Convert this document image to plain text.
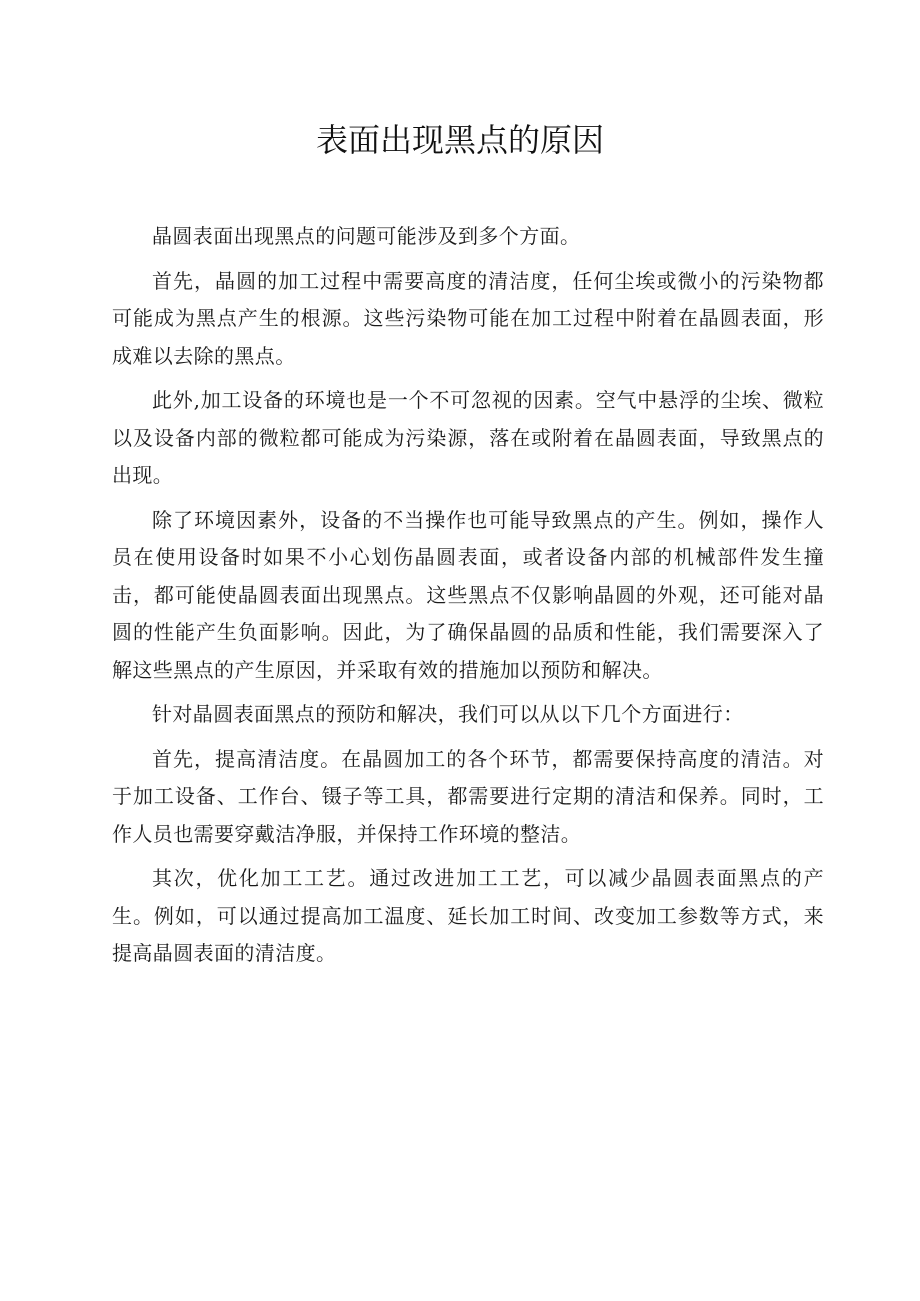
表面出现黑点的原因

晶圆表面出现黑点的问题可能涉及到多个方面。

首先，晶圆的加工过程中需要高度的清洁度，任何尘埃或微小的污染物都可能成为黑点产生的根源。这些污染物可能在加工过程中附着在晶圆表面，形成难以去除的黑点。

此外,加工设备的环境也是一个不可忽视的因素。空气中悬浮的尘埃、微粒以及设备内部的微粒都可能成为污染源，落在或附着在晶圆表面，导致黑点的出现。

除了环境因素外，设备的不当操作也可能导致黑点的产生。例如，操作人员在使用设备时如果不小心划伤晶圆表面，或者设备内部的机械部件发生撞击，都可能使晶圆表面出现黑点。这些黑点不仅影响晶圆的外观，还可能对晶圆的性能产生负面影响。因此，为了确保晶圆的品质和性能，我们需要深入了解这些黑点的产生原因，并采取有效的措施加以预防和解决。

针对晶圆表面黑点的预防和解决，我们可以从以下几个方面进行：

首先，提高清洁度。在晶圆加工的各个环节，都需要保持高度的清洁。对于加工设备、工作台、镊子等工具，都需要进行定期的清洁和保养。同时，工作人员也需要穿戴洁净服，并保持工作环境的整洁。

其次，优化加工工艺。通过改进加工工艺，可以减少晶圆表面黑点的产生。例如，可以通过提高加工温度、延长加工时间、改变加工参数等方式，来提高晶圆表面的清洁度。
